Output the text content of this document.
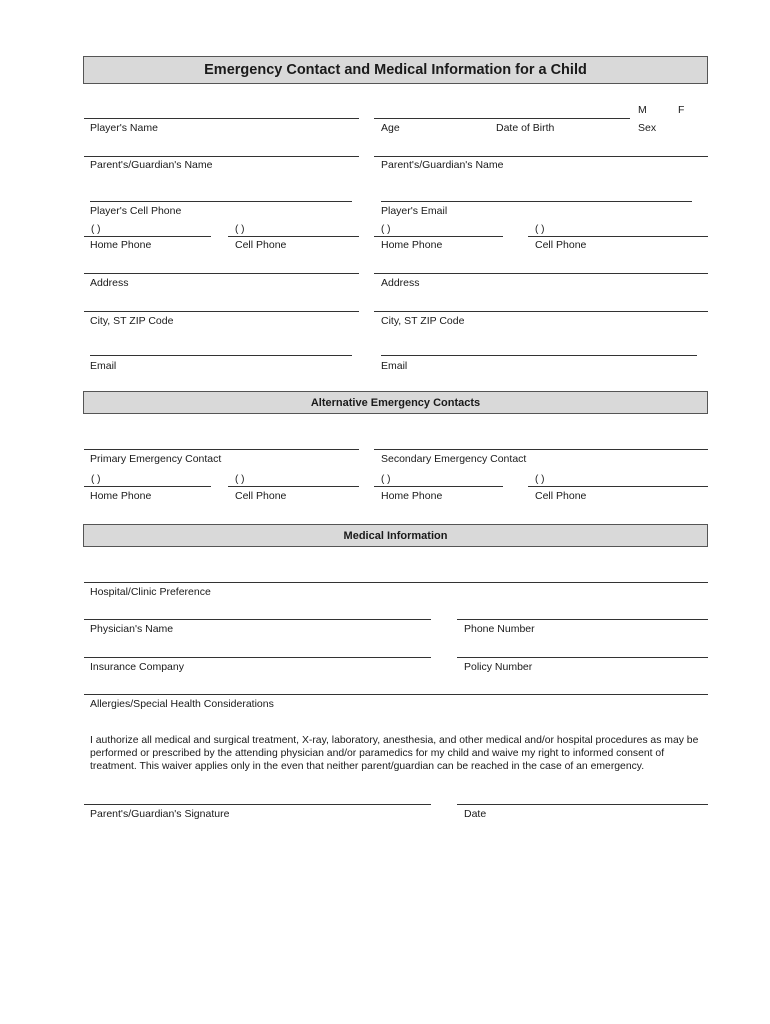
Emergency Contact and Medical Information for a Child
M	F
Player's Name	Age	Date of Birth	Sex
Parent's/Guardian's Name	Parent's/Guardian's Name
Player's Cell Phone	Player's Email
( )	( )	( )	( )
Home Phone	Cell Phone	Home Phone	Cell Phone
Address	Address
City, ST ZIP Code	City, ST ZIP Code
Email	Email
Alternative Emergency Contacts
Primary Emergency Contact	Secondary Emergency Contact
( )	( )	( )	( )
Home Phone	Cell Phone	Home Phone	Cell Phone
Medical Information
Hospital/Clinic Preference
Physician's Name	Phone Number
Insurance Company	Policy Number
Allergies/Special Health Considerations
I authorize all medical and surgical treatment, X-ray, laboratory, anesthesia, and other medical and/or hospital procedures as may be performed or prescribed by the attending physician and/or paramedics for my child and waive my right to informed consent of treatment. This waiver applies only in the even that neither parent/guardian can be reached in the case of an emergency.
Parent's/Guardian's Signature	Date
